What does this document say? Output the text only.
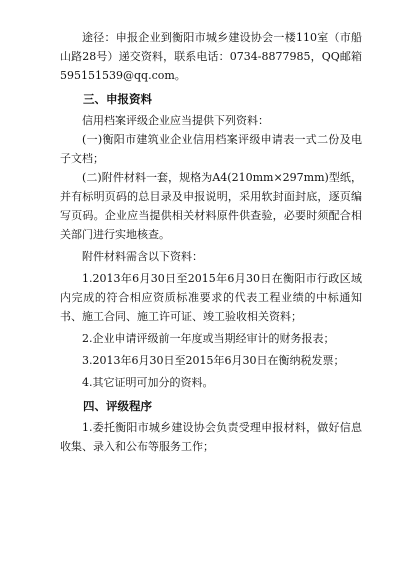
途径：申报企业到衡阳市城乡建设协会一楼110室（市船山路28号）递交资料，联系电话：0734-8877985，QQ邮箱595151539@qq.com。

三、申报资料

信用档案评级企业应当提供下列资料：

(一)衡阳市建筑业企业信用档案评级申请表一式二份及电子文档；

(二)附件材料一套，规格为A4(210mm×297mm)型纸，并有标明页码的总目录及申报说明，采用软封面封底，逐页编写页码。企业应当提供相关材料原件供查验，必要时须配合相关部门进行实地核查。

附件材料需含以下资料：

1.2013年6月30日至2015年6月30日在衡阳市行政区域内完成的符合相应资质标准要求的代表工程业绩的中标通知书、施工合同、施工许可证、竣工验收相关资料；

2.企业申请评级前一年度或当期经审计的财务报表；

3.2013年6月30日至2015年6月30日在衡纳税发票；

4.其它证明可加分的资料。

四、评级程序

1.委托衡阳市城乡建设协会负责受理申报材料，做好信息收集、录入和公布等服务工作；
